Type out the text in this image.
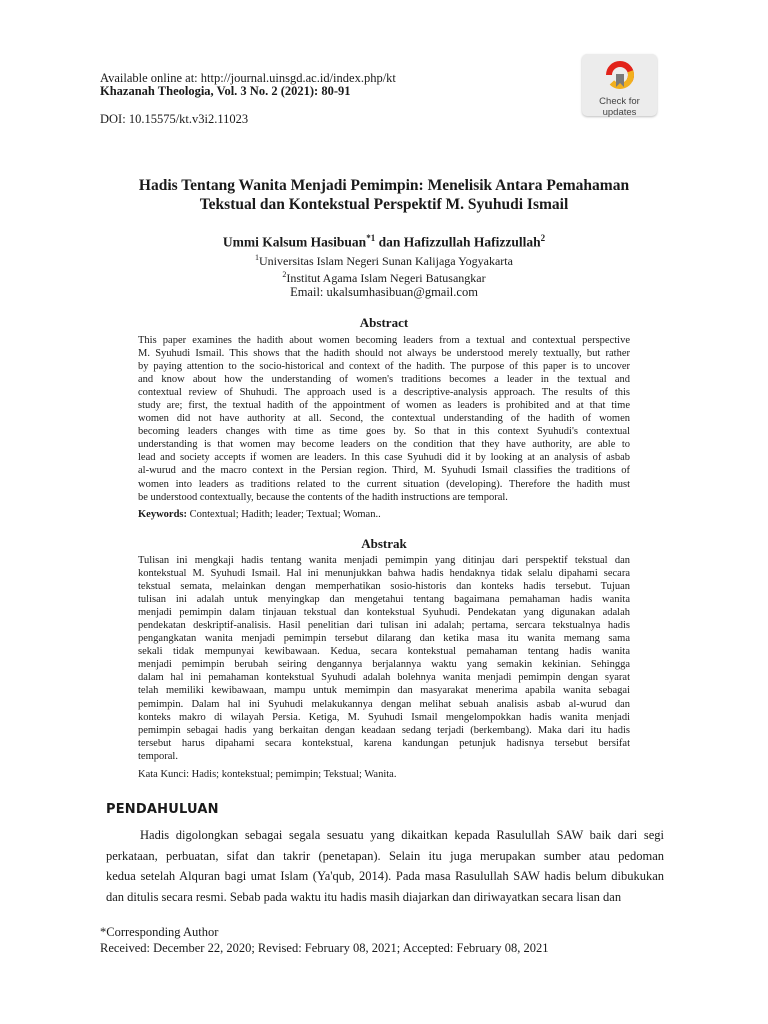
Available online at: http://journal.uinsgd.ac.id/index.php/kt
Khazanah Theologia, Vol. 3 No. 2 (2021): 80-91
DOI: 10.15575/kt.v3i2.11023
Check for
updates
Hadis Tentang Wanita Menjadi Pemimpin: Menelisik Antara Pemahaman
Tekstual dan Kontekstual Perspektif M. Syuhudi Ismail
Ummi Kalsum Hasibuan$^{*1}$ dan Hafizzullah Hafizzullah$^2$
$^1$Universitas Islam Negeri Sunan Kalijaga Yogyakarta
$^2$Institut Agama Islam Negeri Batusangkar
Email: ukalsumhasibuan@gmail.com
Abstract
This paper examines the hadith about women becoming leaders from a textual and contextual perspective
M. Syuhudi Ismail. This shows that the hadith should not always be understood merely textually, but rather
by paying attention to the socio-historical and context of the hadith. The purpose of this paper is to uncover
and know about how the understanding of women's traditions becomes a leader in the textual and
contextual review of Shuhudi. The approach used is a descriptive-analysis approach. The results of this
study are; first, the textual hadith of the appointment of women as leaders is prohibited and at that time
women did not have authority at all. Second, the contextual understanding of the hadith of women
becoming leaders changes with time as time goes by. So that in this context Syuhudi's contextual
understanding is that women may become leaders on the condition that they have authority, are able to
lead and society accepts if women are leaders. In this case Syuhudi did it by looking at an analysis of asbab
al-wurud and the macro context in the Persian region. Third, M. Syuhudi Ismail classifies the traditions of
women into leaders as traditions related to the current situation (developing). Therefore the hadith must
be understood contextually, because the contents of the hadith instructions are temporal.
Keywords: Contextual; Hadith; leader; Textual; Woman..
Abstrak
Tulisan ini mengkaji hadis tentang wanita menjadi pemimpin yang ditinjau dari perspektif tekstual dan
kontekstual M. Syuhudi Ismail. Hal ini menunjukkan bahwa hadis hendaknya tidak selalu dipahami secara
tekstual semata, melainkan dengan memperhatikan sosio-historis dan konteks hadis tersebut. Tujuan
tulisan ini adalah untuk menyingkap dan mengetahui tentang bagaimana pemahaman hadis wanita
menjadi pemimpin dalam tinjauan tekstual dan kontekstual Syuhudi. Pendekatan yang digunakan adalah
pendekatan deskriptif-analisis. Hasil penelitian dari tulisan ini adalah; pertama, sercara tekstualnya hadis
pengangkatan wanita menjadi pemimpin tersebut dilarang dan ketika masa itu wanita memang sama
sekali tidak mempunyai kewibawaan. Kedua, secara kontekstual pemahaman tentang hadis wanita
menjadi pemimpin berubah seiring dengannya berjalannya waktu yang semakin kekinian. Sehingga
dalam hal ini pemahaman kontekstual Syuhudi adalah bolehnya wanita menjadi pemimpin dengan syarat
telah memiliki kewibawaan, mampu untuk memimpin dan masyarakat menerima apabila wanita sebagai
pemimpin. Dalam hal ini Syuhudi melakukannya dengan melihat sebuah analisis asbab al-wurud dan
konteks makro di wilayah Persia. Ketiga, M. Syuhudi Ismail mengelompokkan hadis wanita menjadi
pemimpin sebagai hadis yang berkaitan dengan keadaan sedang terjadi (berkembang). Maka dari itu hadis
tersebut harus dipahami secara kontekstual, karena kandungan petunjuk hadisnya tersebut bersifat
temporal.
Kata Kunci: Hadis; kontekstual; pemimpin; Tekstual; Wanita.
PENDAHULUAN
Hadis digolongkan sebagai segala sesuatu yang dikaitkan kepada Rasulullah SAW baik dari segi
perkataan, perbuatan, sifat dan takrir (penetapan). Selain itu juga merupakan sumber atau pedoman
kedua setelah Alquran bagi umat Islam (Ya'qub, 2014). Pada masa Rasulullah SAW hadis belum dibukukan
dan ditulis secara resmi. Sebab pada waktu itu hadis masih diajarkan dan diriwayatkan secara lisan dan
*Corresponding Author
Received: December 22, 2020; Revised: February 08, 2021; Accepted: February 08, 2021
